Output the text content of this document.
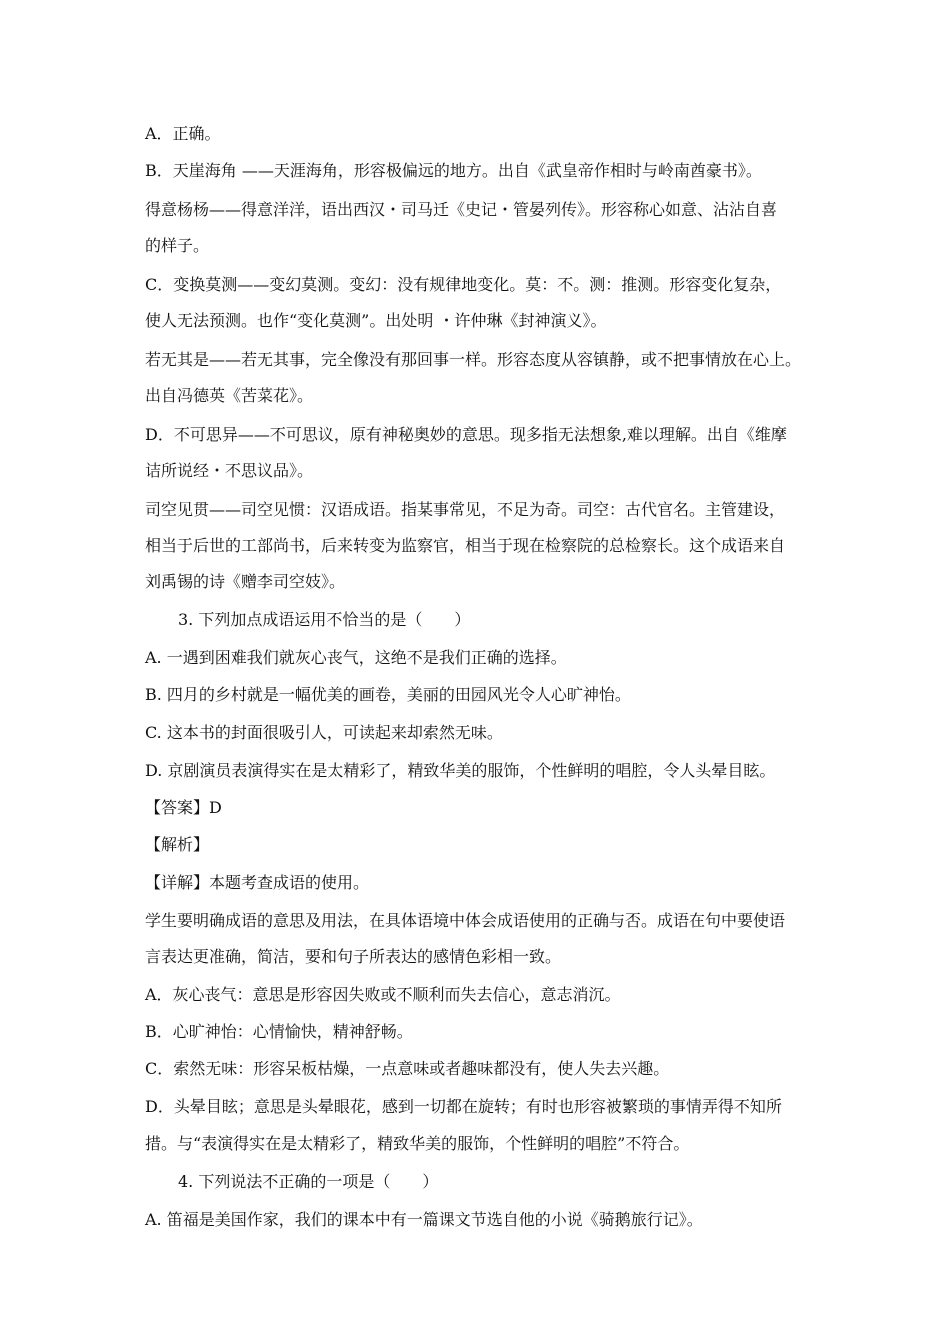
A．正确。
B．天崖海角 ——天涯海角，形容极偏远的地方。出自《武皇帝作相时与岭南酋豪书》。
得意杨杨——得意洋洋，语出西汉・司马迁《史记・管晏列传》。形容称心如意、沾沾自喜
的样子。
C．变换莫测——变幻莫测。变幻：没有规律地变化。莫：不。测：推测。形容变化复杂，
使人无法预测。也作“变化莫测”。出处明 ・许仲琳《封神演义》。
若无其是——若无其事，完全像没有那回事一样。形容态度从容镇静，或不把事情放在心上。
出自冯德英《苦菜花》。
D．不可思异——不可思议，原有神秘奥妙的意思。现多指无法想象,难以理解。出自《维摩
诘所说经・不思议品》。
司空见贯——司空见惯：汉语成语。指某事常见，不足为奇。司空：古代官名。主管建设，
相当于后世的工部尚书，后来转变为监察官，相当于现在检察院的总检察长。这个成语来自
刘禹锡的诗《赠李司空妓》。
3. 下列加点成语运用不恰当的是（　　）
A. 一遇到困难我们就灰心丧气，这绝不是我们正确的选择。
B. 四月的乡村就是一幅优美的画卷，美丽的田园风光令人心旷神怡。
C. 这本书的封面很吸引人，可读起来却索然无味。
D. 京剧演员表演得实在是太精彩了，精致华美的服饰，个性鲜明的唱腔，令人头晕目眩。
【答案】D
【解析】
【详解】本题考查成语的使用。
学生要明确成语的意思及用法，在具体语境中体会成语使用的正确与否。成语在句中要使语
言表达更准确，简洁，要和句子所表达的感情色彩相一致。
A．灰心丧气：意思是形容因失败或不顺利而失去信心，意志消沉。
B．心旷神怡：心情愉快，精神舒畅。
C．索然无味：形容呆板枯燥，一点意味或者趣味都没有，使人失去兴趣。
D．头晕目眩；意思是头晕眼花，感到一切都在旋转；有时也形容被繁琐的事情弄得不知所
措。与“表演得实在是太精彩了，精致华美的服饰，个性鲜明的唱腔”不符合。
4. 下列说法不正确的一项是（　　）
A. 笛福是美国作家，我们的课本中有一篇课文节选自他的小说《骑鹅旅行记》。
